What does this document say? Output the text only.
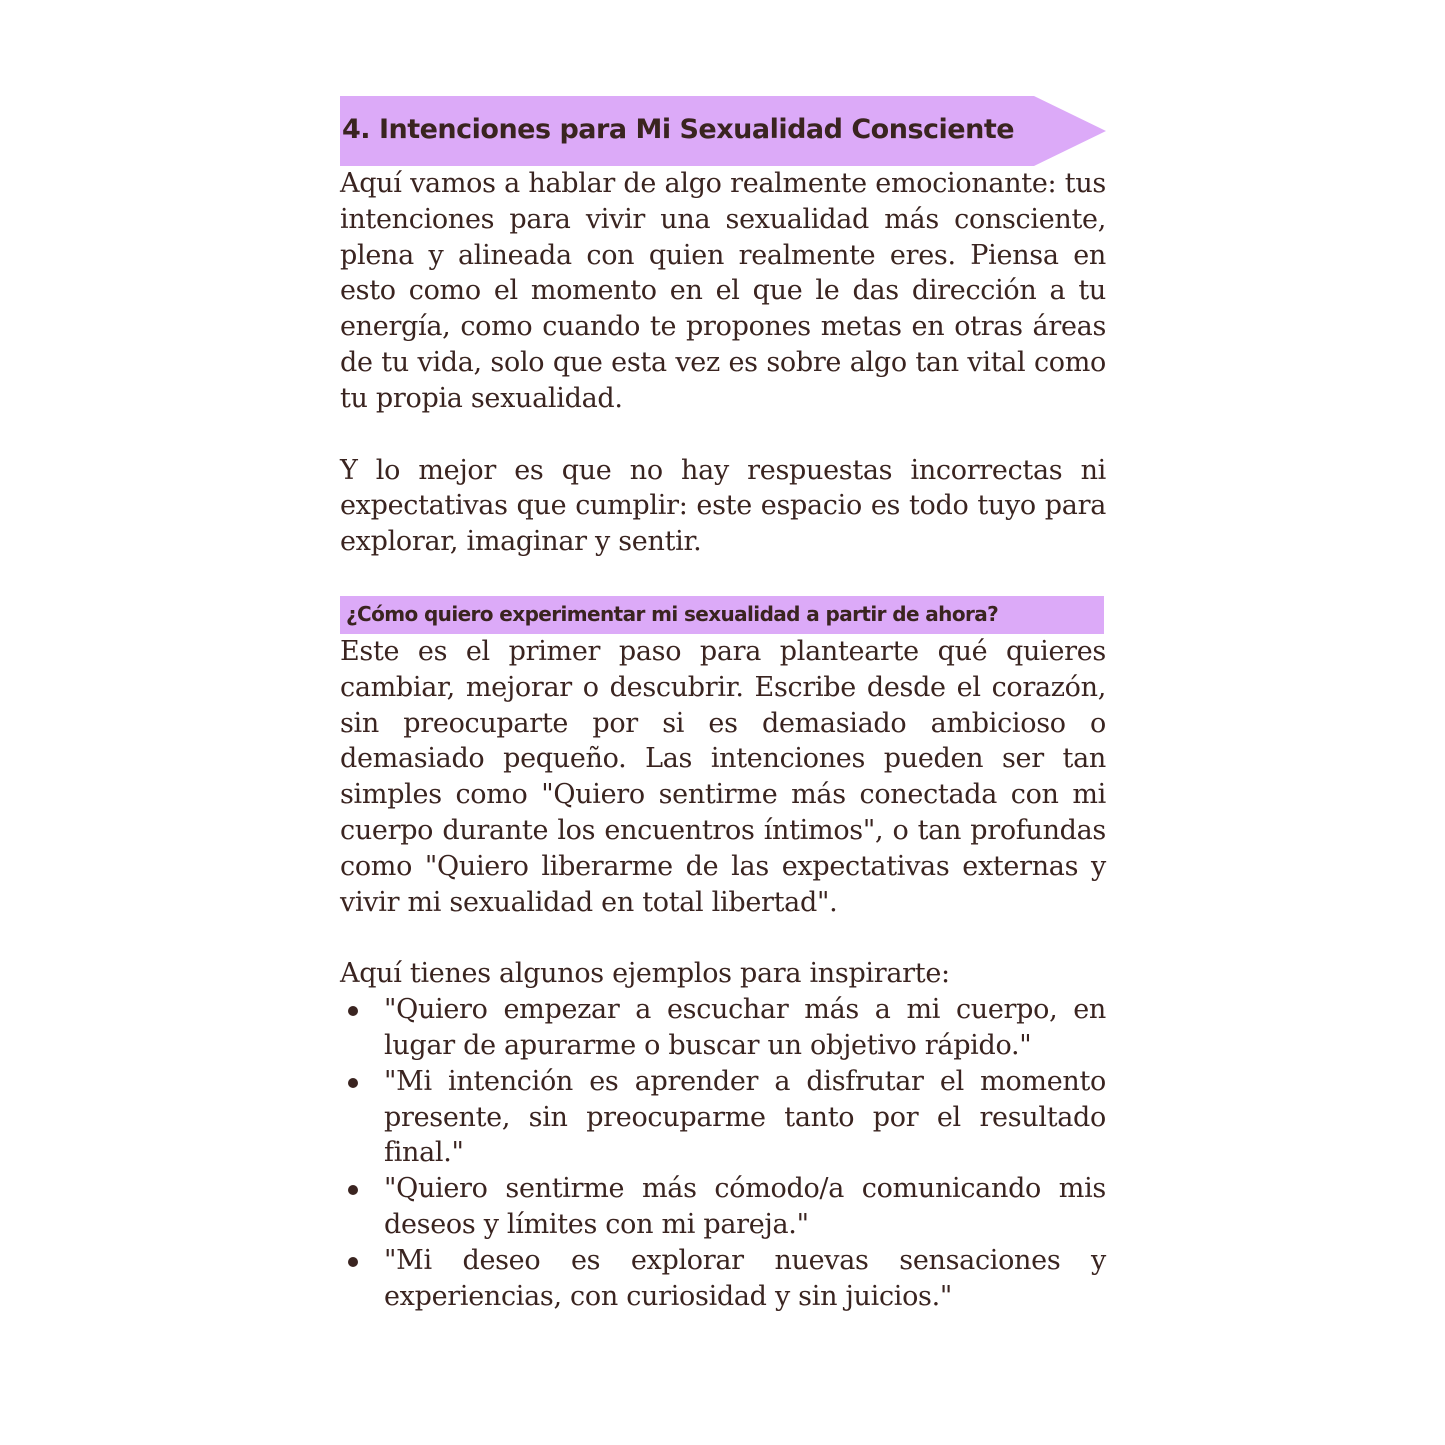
4. Intenciones para Mi Sexualidad Consciente

Aquí vamos a hablar de algo realmente emocionante: tus intenciones para vivir una sexualidad más consciente, plena y alineada con quien realmente eres. Piensa en esto como el momento en el que le das dirección a tu energía, como cuando te propones metas en otras áreas de tu vida, solo que esta vez es sobre algo tan vital como tu propia sexualidad.

Y lo mejor es que no hay respuestas incorrectas ni expectativas que cumplir: este espacio es todo tuyo para explorar, imaginar y sentir.

¿Cómo quiero experimentar mi sexualidad a partir de ahora?

Este es el primer paso para plantearte qué quieres cambiar, mejorar o descubrir. Escribe desde el corazón, sin preocuparte por si es demasiado ambicioso o demasiado pequeño. Las intenciones pueden ser tan simples como "Quiero sentirme más conectada con mi cuerpo durante los encuentros íntimos", o tan profundas como "Quiero liberarme de las expectativas externas y vivir mi sexualidad en total libertad".

Aquí tienes algunos ejemplos para inspirarte:

"Quiero empezar a escuchar más a mi cuerpo, en lugar de apurarme o buscar un objetivo rápido."
"Mi intención es aprender a disfrutar el momento presente, sin preocuparme tanto por el resultado final."
"Quiero sentirme más cómodo/a comunicando mis deseos y límites con mi pareja."
"Mi deseo es explorar nuevas sensaciones y experiencias, con curiosidad y sin juicios."
